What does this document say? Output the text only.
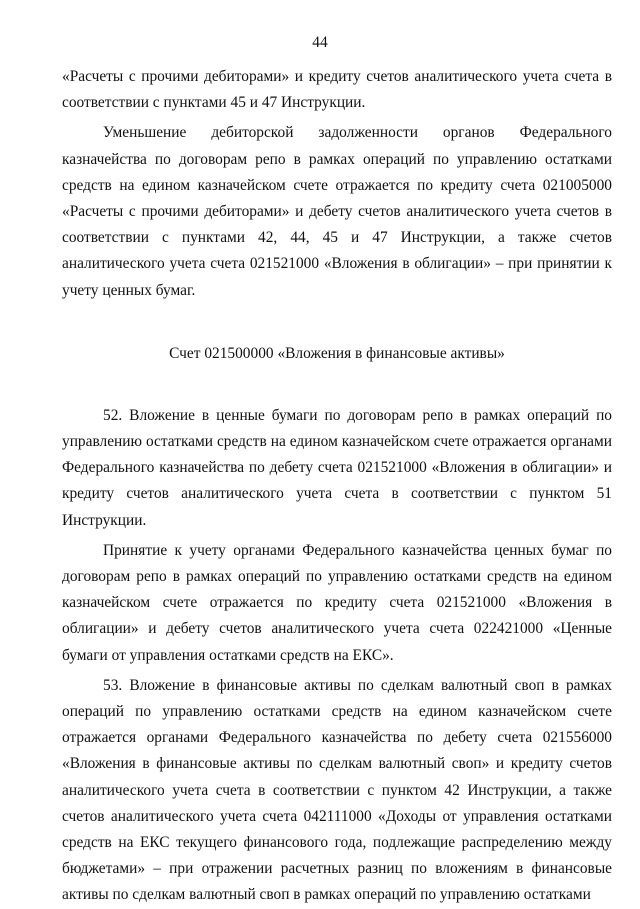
44

«Расчеты с прочими дебиторами» и кредиту счетов аналитического учета счета в соответствии с пунктами 45 и 47 Инструкции.

Уменьшение дебиторской задолженности органов Федерального казначейства по договорам репо в рамках операций по управлению остатками средств на едином казначейском счете отражается по кредиту счета 021005000 «Расчеты с прочими дебиторами» и дебету счетов аналитического учета счетов в соответствии с пунктами 42, 44, 45 и 47 Инструкции, а также счетов аналитического учета счета 021521000 «Вложения в облигации» – при принятии к учету ценных бумаг.

Счет 021500000 «Вложения в финансовые активы»

52. Вложение в ценные бумаги по договорам репо в рамках операций по управлению остатками средств на едином казначейском счете отражается органами Федерального казначейства по дебету счета 021521000 «Вложения в облигации» и кредиту счетов аналитического учета счета в соответствии с пунктом 51 Инструкции.

Принятие к учету органами Федерального казначейства ценных бумаг по договорам репо в рамках операций по управлению остатками средств на едином казначейском счете отражается по кредиту счета 021521000 «Вложения в облигации» и дебету счетов аналитического учета счета 022421000 «Ценные бумаги от управления остатками средств на ЕКС».

53. Вложение в финансовые активы по сделкам валютный своп в рамках операций по управлению остатками средств на едином казначейском счете отражается органами Федерального казначейства по дебету счета 021556000 «Вложения в финансовые активы по сделкам валютный своп» и кредиту счетов аналитического учета счета в соответствии с пунктом 42 Инструкции, а также счетов аналитического учета счета 042111000 «Доходы от управления остатками средств на ЕКС текущего финансового года, подлежащие распределению между бюджетами» – при отражении расчетных разниц по вложениям в финансовые активы по сделкам валютный своп в рамках операций по управлению остатками
